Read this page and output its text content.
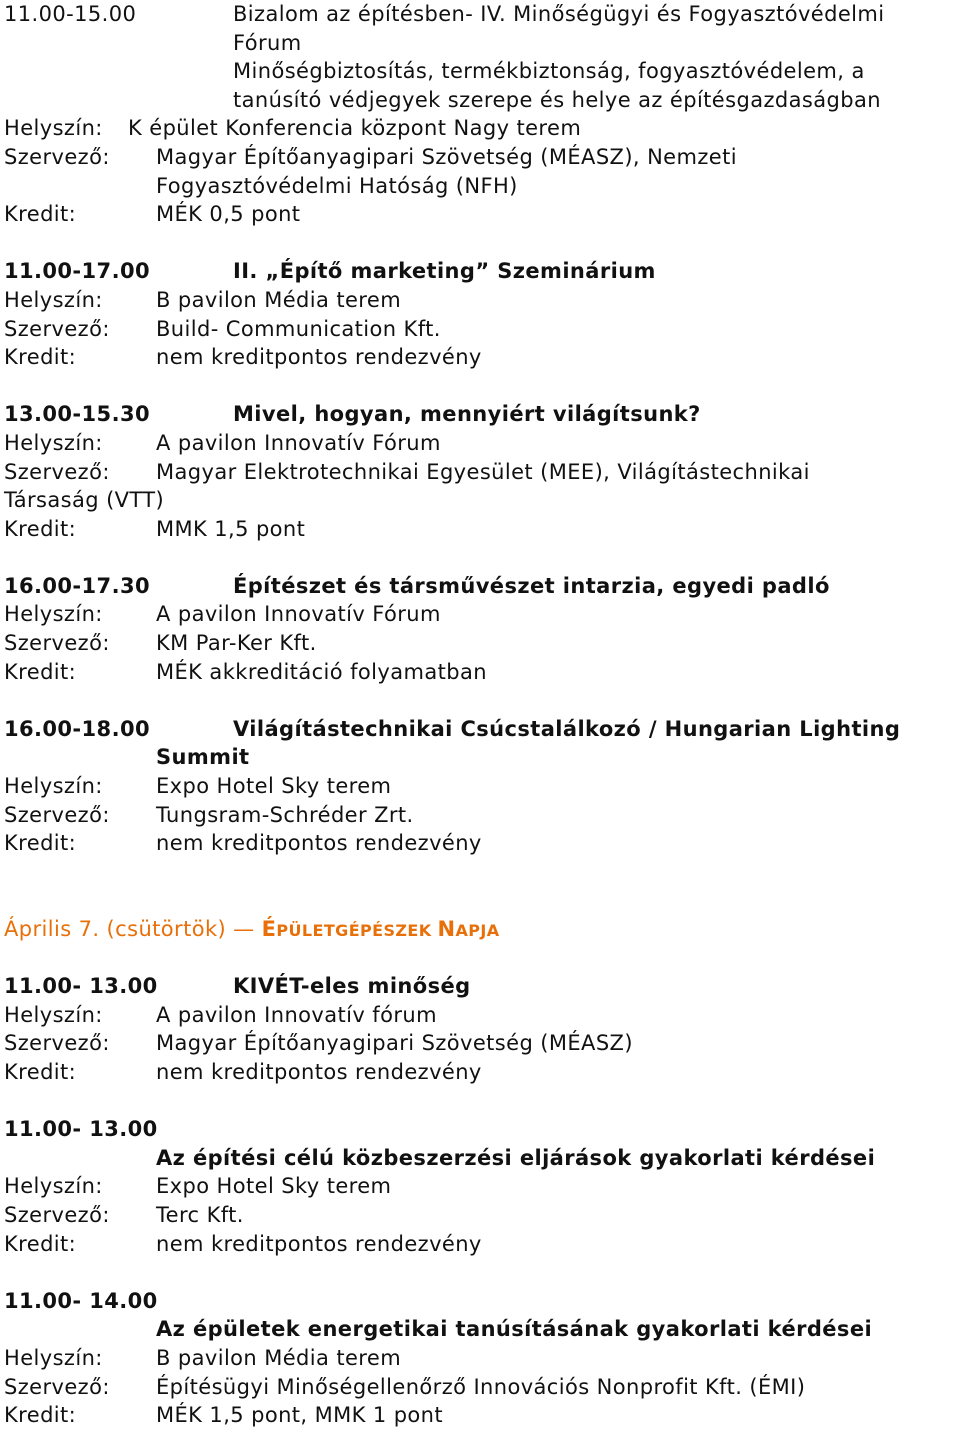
11.00-15.00	Bizalom az építésben- IV. Minőségügyi és Fogyasztóvédelmi
Fórum
Minőségbiztosítás, termékbiztonság, fogyasztóvédelem, a
tanúsító védjegyek szerepe és helye az építésgazdaságban
Helyszín: K épület Konferencia központ Nagy terem
Szervező: Magyar Építőanyagipari Szövetség (MÉASZ), Nemzeti
Fogyasztóvédelmi Hatóság (NFH)
Kredit:	MÉK 0,5 pont
11.00-17.00	II. „Építő marketing” Szeminárium
Helyszín:	B pavilon Média terem
Szervező: Build- Communication Kft.
Kredit:	nem kreditpontos rendezvény
13.00-15.30	Mivel, hogyan, mennyiért világítsunk?
Helyszín:	A pavilon Innovatív Fórum
Szervező: Magyar Elektrotechnikai Egyesület (MEE), Világítástechnikai
Társaság (VTT)
Kredit:	MMK 1,5 pont
16.00-17.30	Építészet és társművészet intarzia, egyedi padló
Helyszín:	A pavilon Innovatív Fórum
Szervező: KM Par-Ker Kft.
Kredit:	MÉK akkreditáció folyamatban
16.00-18.00	Világítástechnikai Csúcstalálkozó / Hungarian Lighting
Summit
Helyszín:	Expo Hotel Sky terem
Szervező: Tungsram-Schréder Zrt.
Kredit:	nem kreditpontos rendezvény
Április 7. (csütörtök) — ÉPÜLETGÉPÉSZEK NAPJA
11.00- 13.00	KIVÉT-eles minőség
Helyszín:	A pavilon Innovatív fórum
Szervező: Magyar Építőanyagipari Szövetség (MÉASZ)
Kredit:	nem kreditpontos rendezvény
11.00- 13.00
Az építési célú közbeszerzési eljárások gyakorlati kérdései
Helyszín:	Expo Hotel Sky terem
Szervező: Terc Kft.
Kredit:	nem kreditpontos rendezvény
11.00- 14.00
Az épületek energetikai tanúsításának gyakorlati kérdései
Helyszín:	B pavilon Média terem
Szervező: Építésügyi Minőségellenőrző Innovációs Nonprofit Kft. (ÉMI)
Kredit:	MÉK 1,5 pont, MMK 1 pont
